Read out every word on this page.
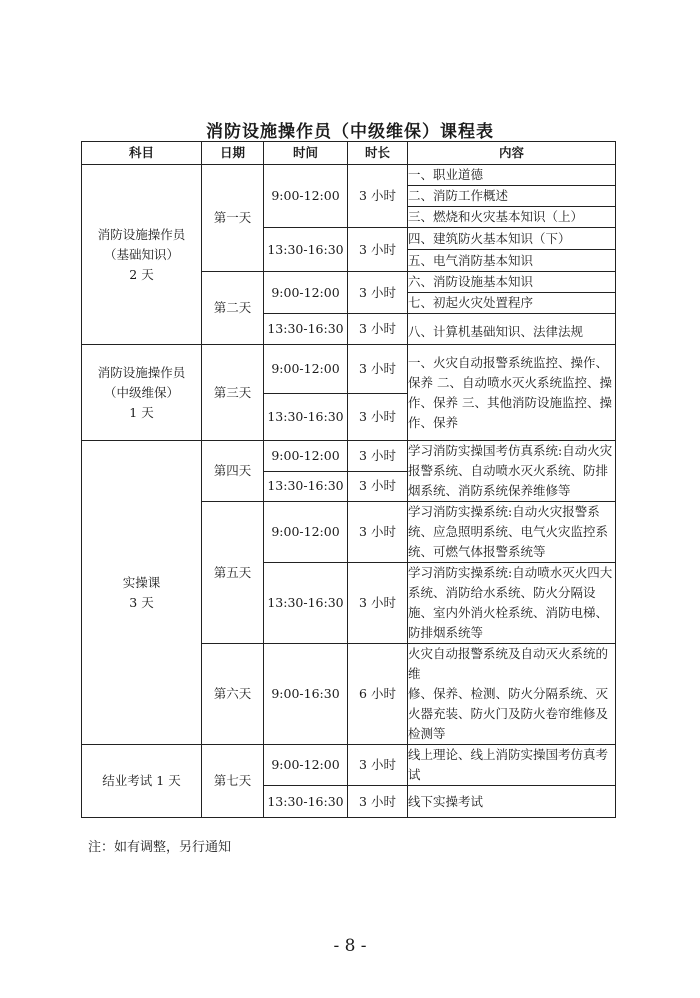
消防设施操作员（中级维保）课程表
科目	日期	时间	时长	内容

消防设施操作员
（基础知识）
2 天	第一天	9:00-12:00	3 小时	一、职业道德
				二、消防工作概述
				三、燃烧和火灾基本知识（上）
		13:30-16:30	3 小时	四、建筑防火基本知识（下）
				五、电气消防基本知识
	第二天	9:00-12:00	3 小时	六、消防设施基本知识
				七、初起火灾处置程序
		13:30-16:30	3 小时	八、计算机基础知识、法律法规

消防设施操作员
（中级维保）
1 天	第三天	9:00-12:00	3 小时	一、火灾自动报警系统监控、操作、保养 二、自动喷水灭火系统监控、操作、保养 三、其他消防设施监控、操作、保养
		13:30-16:30	3 小时	

实操课
3 天	第四天	9:00-12:00	3 小时	学习消防实操国考仿真系统:自动火灾报警系统、自动喷水灭火系统、防排烟系统、消防系统保养维修等
		13:30-16:30	3 小时	
	第五天	9:00-12:00	3 小时	学习消防实操系统:自动火灾报警系统、应急照明系统、电气火灾监控系统、可燃气体报警系统等
		13:30-16:30	3 小时	学习消防实操系统:自动喷水灭火四大系统、消防给水系统、防火分隔设施、室内外消火栓系统、消防电梯、防排烟系统等
	第六天	9:00-16:30	6 小时	火灾自动报警系统及自动灭火系统的维
修、保养、检测、防火分隔系统、灭火器充装、防火门及防火卷帘维修及检测等

结业考试 1 天	第七天	9:00-12:00	3 小时	线上理论、线上消防实操国考仿真考试
		13:30-16:30	3 小时	线下实操考试
注：如有调整，另行通知
- 8 -
